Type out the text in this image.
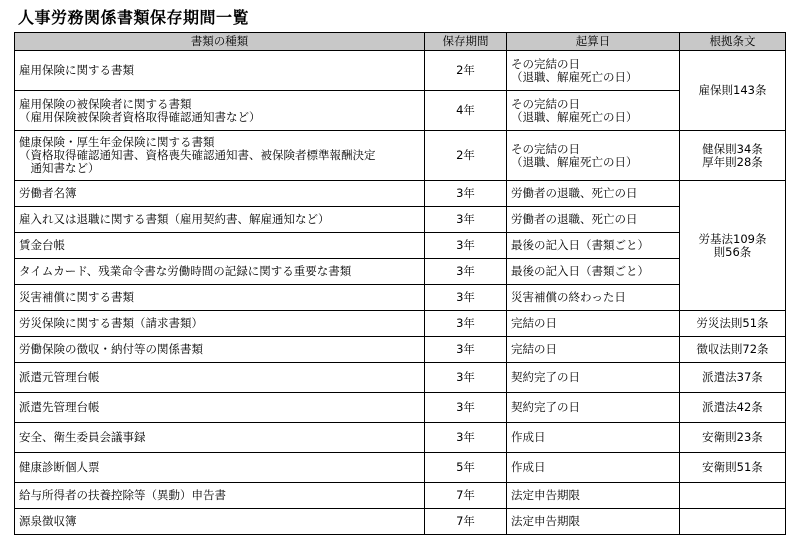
人事労務関係書類保存期間一覧
書類の種類	保存期間	起算日	根拠条文

雇用保険に関する書類	2年	その完結の日
（退職、解雇死亡の日）	雇保則143条

雇用保険の被保険者に関する書類
（雇用保険被保険者資格取得確認通知書など）	4年	その完結の日
（退職、解雇死亡の日）	

健康保険・厚生年金保険に関する書類
（資格取得確認通知書、資格喪失確認通知書、被保険者標準報酬決定
　通知書など）	2年	その完結の日
（退職、解雇死亡の日）	健保則34条
厚年則28条

労働者名簿	3年	労働者の退職、死亡の日	労基法109条
則56条

雇入れ又は退職に関する書類（雇用契約書、解雇通知など）	3年	労働者の退職、死亡の日	

賃金台帳	3年	最後の記入日（書類ごと）	

タイムカード、残業命令書な労働時間の記録に関する重要な書類	3年	最後の記入日（書類ごと）	

災害補償に関する書類	3年	災害補償の終わった日	

労災保険に関する書類（請求書類）	3年	完結の日	労災法則51条

労働保険の徴収・納付等の関係書類	3年	完結の日	徴収法則72条

派遣元管理台帳	3年	契約完了の日	派遣法37条

派遣先管理台帳	3年	契約完了の日	派遣法42条

安全、衛生委員会議事録	3年	作成日	安衛則23条

健康診断個人票	5年	作成日	安衛則51条

給与所得者の扶養控除等（異動）申告書	7年	法定申告期限	

源泉徴収簿	7年	法定申告期限	
